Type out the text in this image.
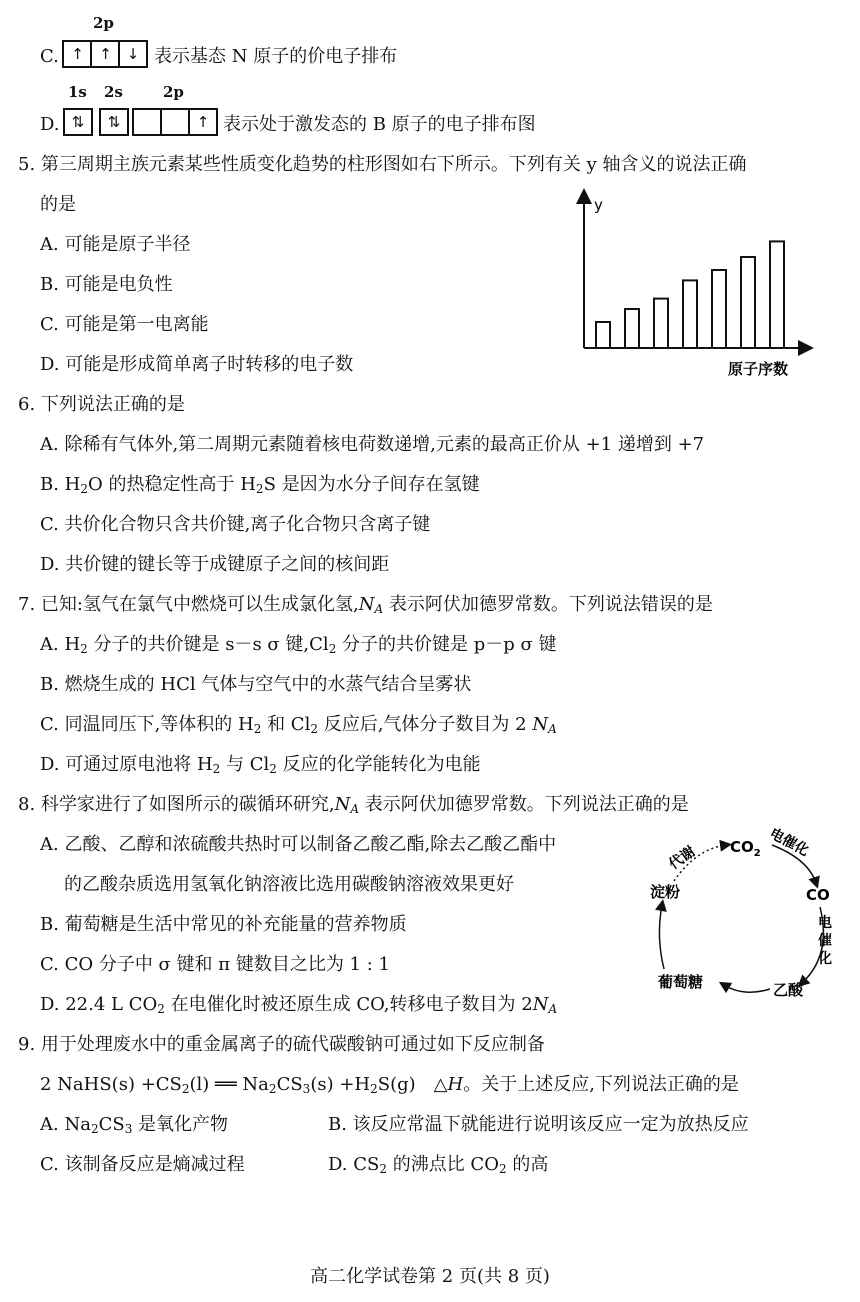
2p
C. ↑	↑ ↓ 表示基态 N 原子的价电子排布
1s 2s	2p
D. ⇅	⇅	↑ 表示处于激发态的 B 原子的电子排布图
5. 第三周期主族元素某些性质变化趋势的柱形图如右下所示。下列有关 y 轴含义的说法正确
的是
A. 可能是原子半径
B. 可能是电负性
C. 可能是第一电离能
D. 可能是形成简单离子时转移的电子数
y
原子序数
6. 下列说法正确的是
A. 除稀有气体外,第二周期元素随着核电荷数递增,元素的最高正价从 +1 递增到 +7
B. $H_2O$ 的热稳定性高于 $H_2S$ 是因为水分子间存在氢键
C. 共价化合物只含共价键,离子化合物只含离子键
D. 共价键的键长等于成键原子之间的核间距
7. 已知:氢气在氯气中燃烧可以生成氯化氢$,N_A$ 表示阿伏加德罗常数。下列说法错误的是
A. $H_2$ 分子的共价键是 s－s σ 键$,Cl_2$ 分子的共价键是 p－p σ 键
B. 燃烧生成的 HCl 气体与空气中的水蒸气结合呈雾状
C. 同温同压下,等体积的 $H_2$ 和 $Cl_2$ 反应后,气体分子数目为 2 $N_A$
D. 可通过原电池将 $H_2$ 与 $Cl_2$ 反应的化学能转化为电能
8. 科学家进行了如图所示的碳循环研究$,N_A$ 表示阿伏加德罗常数。下列说法正确的是
A. 乙酸、乙醇和浓硫酸共热时可以制备乙酸乙酯,除去乙酸乙酯中
的乙酸杂质选用氢氧化钠溶液比选用碳酸钠溶液效果更好
B. 葡萄糖是生活中常见的补充能量的营养物质
C. CO 分子中 σ 键和 π 键数目之比为 1 : 1
D. 22.4 L $CO_2$ 在电催化时被还原生成 CO,转移电子数目为 $2N_A$
$CO_2$
CO
乙酸
葡萄糖
淀粉
电催化
电
催
化
代谢
9. 用于处理废水中的重金属离子的硫代碳酸钠可通过如下反应制备
2 NaHS(s) $+CS_2(l)$ ══ $Na_2CS_3(s) +H_2S(g)$　△H。关于上述反应,下列说法正确的是
A. $Na_2CS_3$ 是氧化产物	B. 该反应常温下就能进行说明该反应一定为放热反应
C. 该制备反应是熵减过程	D. $CS_2$ 的沸点比 $CO_2$ 的高
高二化学试卷第 2 页(共 8 页)
